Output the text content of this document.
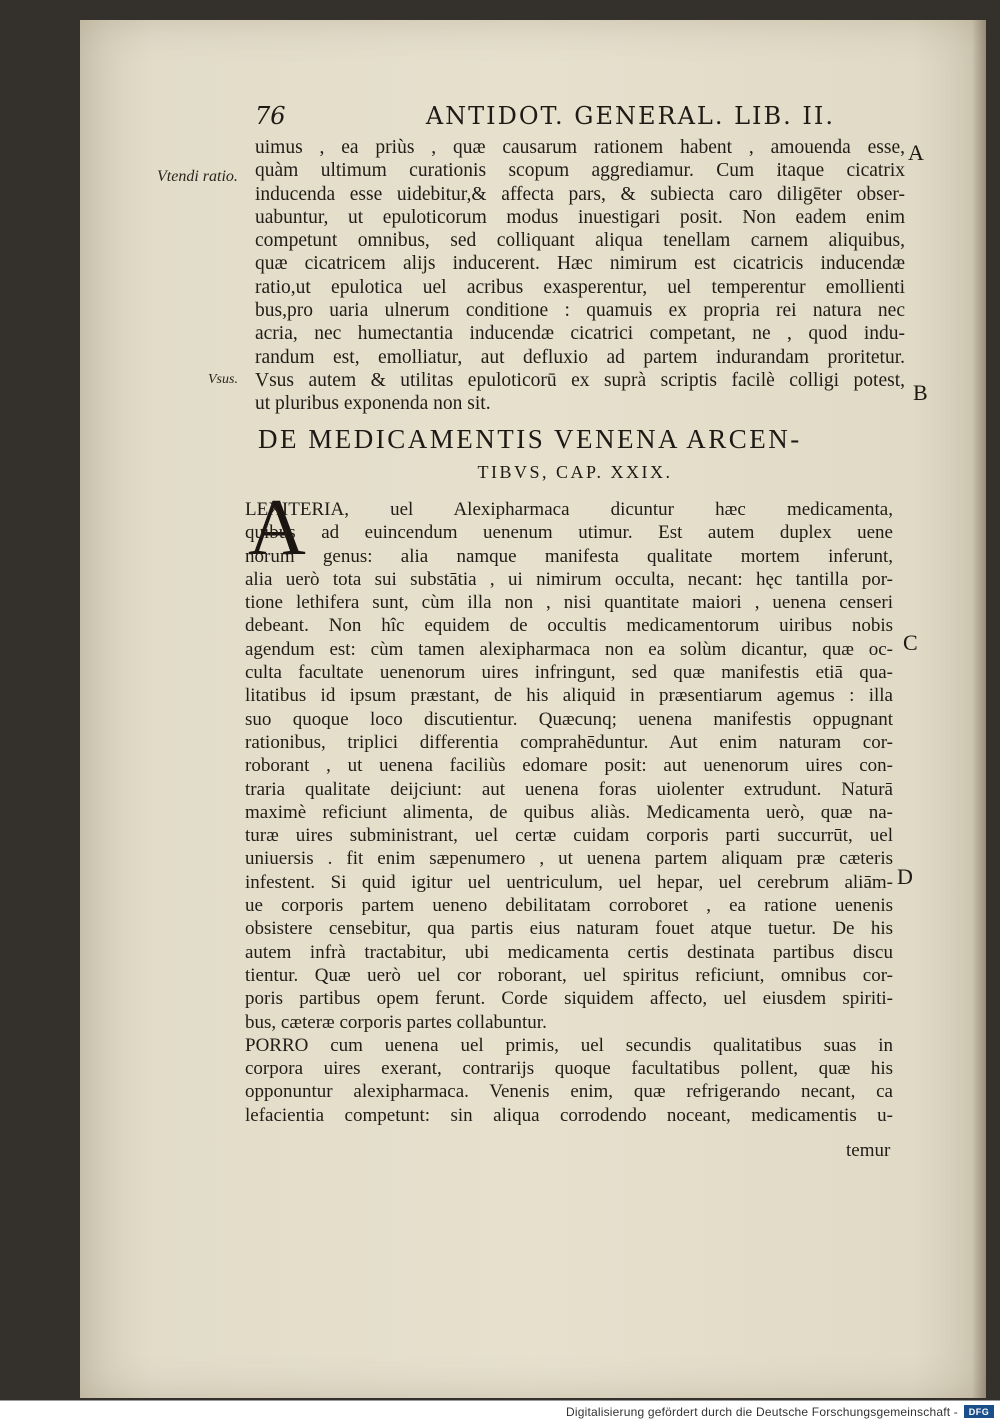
76	ANTIDOT. GENERAL. LIB. II.
Vtendi ratio.
Vsus.
A
B
C
D
uimus , ea priùs , quæ causarum rationem habent , amouenda esse,
quàm ultimum curationis scopum aggrediamur. Cum itaque cicatrix
inducenda esse uidebitur,& affecta pars, & subiecta caro diligēter obser-
uabuntur, ut epuloticorum modus inuestigari posit. Non eadem enim
competunt omnibus, sed colliquant aliqua tenellam carnem aliquibus,
quæ cicatricem alijs inducerent. Hæc nimirum est cicatricis inducendæ
ratio,ut epulotica uel acribus exasperentur, uel temperentur emollienti
bus,pro uaria ulnerum conditione : quamuis ex propria rei natura nec
acria, nec humectantia inducendæ cicatrici competant, ne , quod indu-
randum est, emolliatur, aut defluxio ad partem indurandam proritetur.
Vsus autem & utilitas epuloticorū ex suprà scriptis facilè colligi potest,
ut pluribus exponenda non sit.
DE MEDICAMENTIS VENENA ARCEN-
TIBVS, CAP. XXIX.
A
LEXITERIA, uel Alexipharmaca dicuntur hæc medicamenta,
quibus ad euincendum uenenum utimur. Est autem duplex uene
norum genus: alia namque manifesta qualitate mortem inferunt,
alia uerò tota sui substātia , ui nimirum occulta, necant: hęc tantilla por-
tione lethifera sunt, cùm illa non , nisi quantitate maiori , uenena censeri
debeant. Non hîc equidem de occultis medicamentorum uiribus nobis
agendum est: cùm tamen alexipharmaca non ea solùm dicantur, quæ oc-
culta facultate uenenorum uires infringunt, sed quæ manifestis etiā qua-
litatibus id ipsum præstant, de his aliquid in præsentiarum agemus : illa
suo quoque loco discutientur. Quæcunq; uenena manifestis oppugnant
rationibus, triplici differentia comprahēduntur. Aut enim naturam cor-
roborant , ut uenena faciliùs edomare posit: aut uenenorum uires con-
traria qualitate deijciunt: aut uenena foras uiolenter extrudunt. Naturā
maximè reficiunt alimenta, de quibus aliàs. Medicamenta uerò, quæ na-
turæ uires subministrant, uel certæ cuidam corporis parti succurrūt, uel
uniuersis . fit enim sæpenumero , ut uenena partem aliquam præ cæteris
infestent. Si quid igitur uel uentriculum, uel hepar, uel cerebrum aliām-
ue corporis partem ueneno debilitatam corroboret , ea ratione uenenis
obsistere censebitur, qua partis eius naturam fouet atque tuetur. De his
autem infrà tractabitur, ubi medicamenta certis destinata partibus discu
tientur. Quæ uerò uel cor roborant, uel spiritus reficiunt, omnibus cor-
poris partibus opem ferunt. Corde siquidem affecto, uel eiusdem spiriti-
bus, cæteræ corporis partes collabuntur.
PORRO cum uenena uel primis, uel secundis qualitatibus suas in
corpora uires exerant, contrarijs quoque facultatibus pollent, quæ his
opponuntur alexipharmaca. Venenis enim, quæ refrigerando necant, ca
lefacientia competunt: sin aliqua corrodendo noceant, medicamentis u-
temur
Digitalisierung gefördert durch die Deutsche Forschungsgemeinschaft -	DFG
